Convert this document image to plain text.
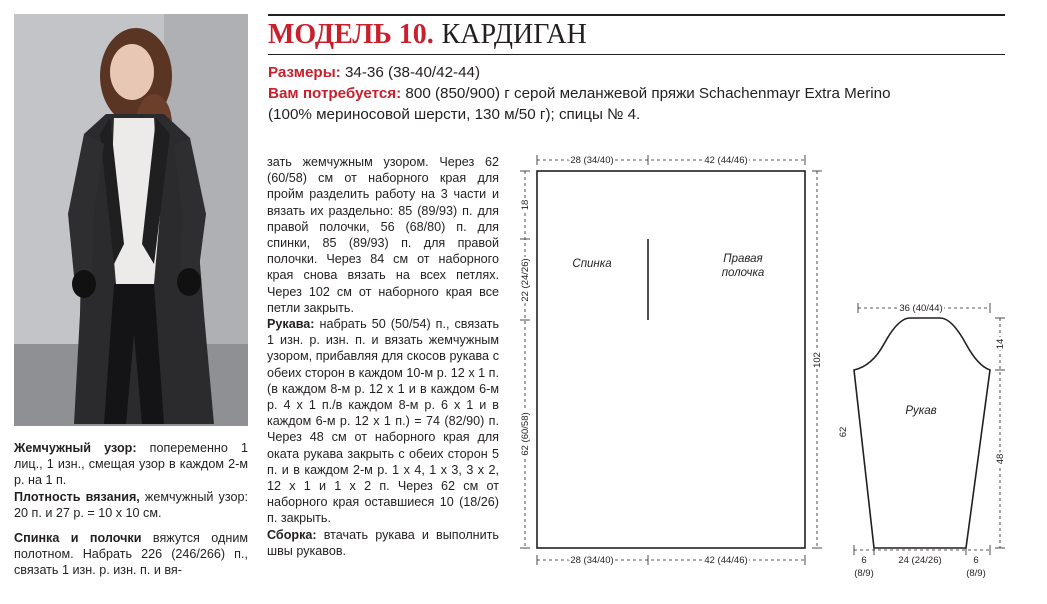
Жемчужный узор: попеременно 1 лиц., 1 изн., смещая узор в каждом 2-м р. на 1 п.

Плотность вязания, жемчужный узор: 20 п. и 27 р. = 10 х 10 см.

Спинка и полочки вяжутся одним полотном. Набрать 226 (246/266) п., связать 1 изн. р. изн. п. и вя-

МОДЕЛЬ 10. КАРДИГАН
Размеры: 34-36 (38-40/42-44)
Вам потребуется: 800 (850/900) г серой меланжевой пряжи Schachenmayr Extra Merino
(100% мериносовой шерсти, 130 м/50 г); спицы № 4.

зать жемчужным узором. Через 62 (60/58) см от наборного края для пройм разделить работу на 3 части и вязать их раздельно: 85 (89/93) п. для правой полочки, 56 (68/80) п. для спинки, 85 (89/93) п. для правой полочки. Через 84 см от наборного края снова вязать на всех петлях. Через 102 см от наборного края все петли закрыть.

Рукава: набрать 50 (50/54) п., связать 1 изн. р. изн. п. и вязать жемчужным узором, прибавляя для скосов рукава с обеих сторон в каждом 10-м р. 12 х 1 п. (в каждом 8-м р. 12 х 1 и в каждом 6-м р. 4 х 1 п./в каждом 8-м р. 6 х 1 и в каждом 6-м р. 12 х 1 п.) = 74 (82/90) п. Через 48 см от наборного края для оката рукава закрыть с обеих сторон 5 п. и в каждом 2-м р. 1 х 4, 1 х 3, 3 х 2, 12 х 1 и 1 х 2 п. Через 62 см от наборного края оставшиеся 10 (18/26) п. закрыть.

Сборка: втачать рукава и выполнить швы рукавов.

28 (34/40)	42 (44/46)
28 (34/40)	42 (44/46)
18
22 (24/26)
62 (60/58)
102
Спинка	Правая
полочка
36 (40/44)
14
48
62
24 (24/26)
6
(8/9)
6
(8/9)
Рукав
